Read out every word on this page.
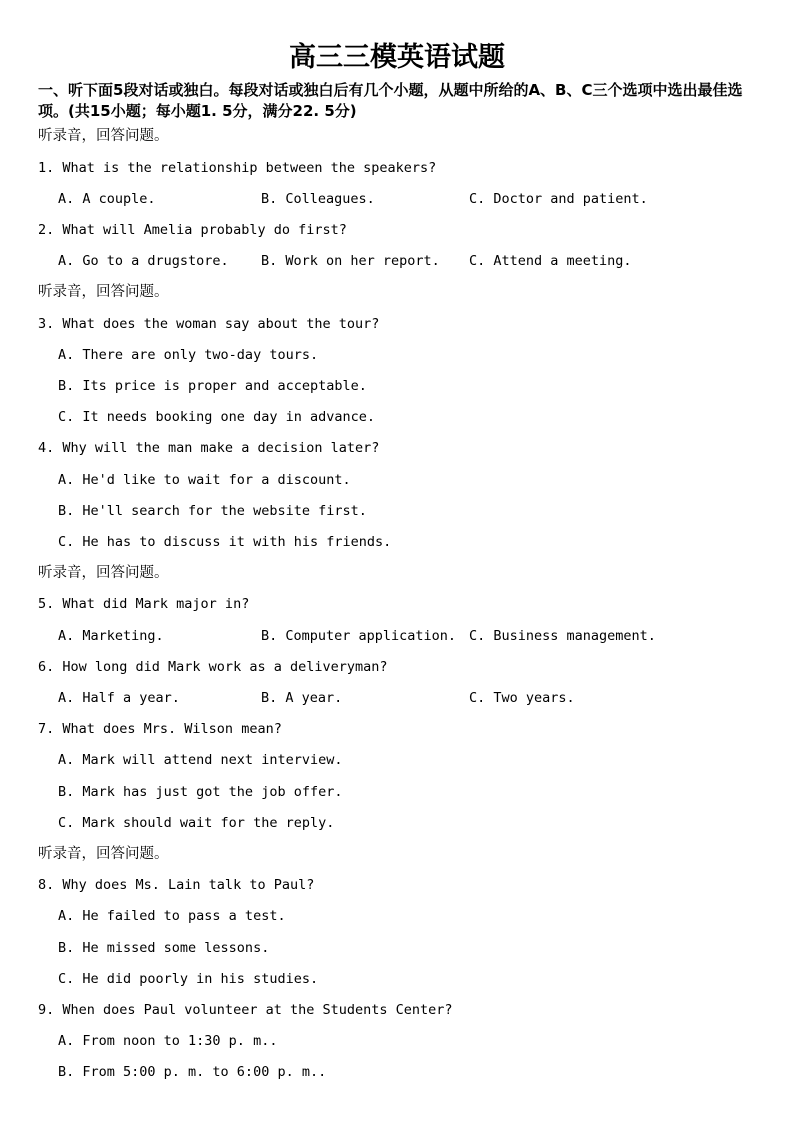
高三三模英语试题
一、听下面5段对话或独白。每段对话或独白后有几个小题，从题中所给的A、B、C三个选项中选出最佳选项。(共15小题；每小题1. 5分，满分22. 5分)
听录音，回答问题。
1. What is the relationship between the speakers?
A. A couple.	B. Colleagues.	C. Doctor and patient.
2. What will Amelia probably do first?
A. Go to a drugstore. B. Work on her report. C. Attend a meeting.
听录音，回答问题。
3. What does the woman say about the tour?
A. There are only two-day tours.
B. Its price is proper and acceptable.
C. It needs booking one day in advance.
4. Why will the man make a decision later?
A. He'd like to wait for a discount.
B. He'll search for the website first.
C. He has to discuss it with his friends.
听录音，回答问题。
5. What did Mark major in?
A. Marketing.	B. Computer application. C. Business management.
6. How long did Mark work as a deliveryman?
A. Half a year.	B. A year.	C. Two years.
7. What does Mrs. Wilson mean?
A. Mark will attend next interview.
B. Mark has just got the job offer.
C. Mark should wait for the reply.
听录音，回答问题。
8. Why does Ms. Lain talk to Paul?
A. He failed to pass a test.
B. He missed some lessons.
C. He did poorly in his studies.
9. When does Paul volunteer at the Students Center?
A. From noon to 1:30 p. m..
B. From 5:00 p. m. to 6:00 p. m..
